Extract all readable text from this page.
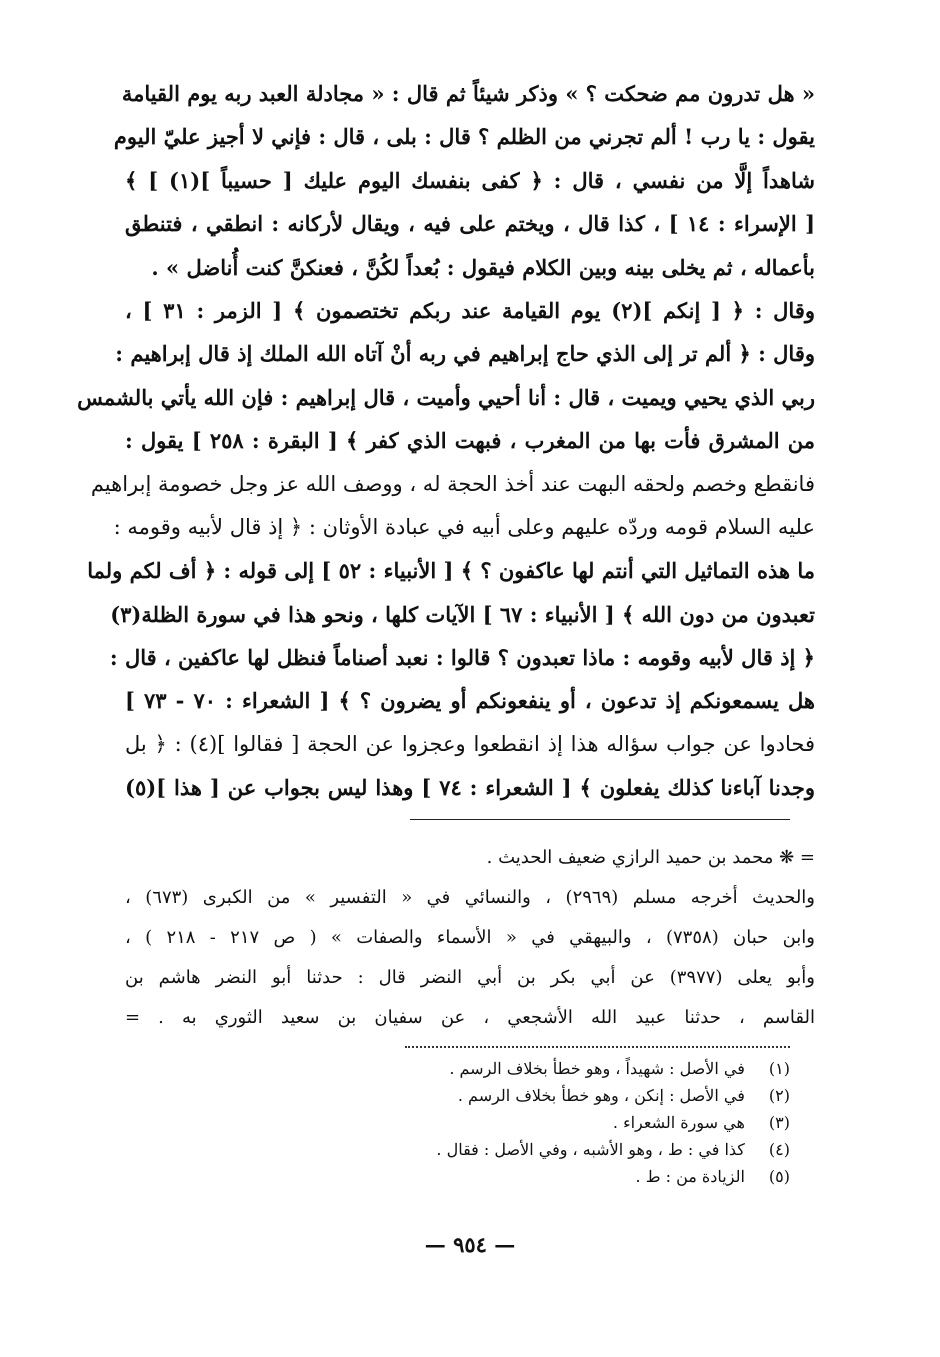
« هل تدرون مم ضحكت ؟ » وذكر شيئاً ثم قال : « مجادلة العبد ربه يوم القيامة
يقول : يا رب ! ألم تجرني من الظلم ؟ قال : بلى ، قال : فإني لا أجيز عليّ اليوم
شاهداً إلَّا من نفسي ، قال : ﴿ كفى بنفسك اليوم عليك [ حسيباً ](١) ] ﴾
[ الإسراء : ١٤ ] ، كذا قال ، ويختم على فيه ، ويقال لأركانه : انطقي ، فتنطق
بأعماله ، ثم يخلى بينه وبين الكلام فيقول : بُعداً لكُنَّ ، فعنكنَّ كنت أُناضل » .
وقال : ﴿ [ إنكم ](٢) يوم القيامة عند ربكم تختصمون ﴾ [ الزمر : ٣١ ] ،
وقال : ﴿ ألم تر إلى الذي حاج إبراهيم في ربه أنْ آتاه الله الملك إذ قال إبراهيم :
ربي الذي يحيي ويميت ، قال : أنا أحيي وأميت ، قال إبراهيم : فإن الله يأتي بالشمس
من المشرق فأت بها من المغرب ، فبهت الذي كفر ﴾ [ البقرة : ٢٥٨ ] يقول :
فانقطع وخصم ولحقه البهت عند أخذ الحجة له ، ووصف الله عز وجل خصومة إبراهيم
عليه السلام قومه وردّه عليهم وعلى أبيه في عبادة الأوثان : ﴿ إذ قال لأبيه وقومه :
ما هذه التماثيل التي أنتم لها عاكفون ؟ ﴾ [ الأنبياء : ٥٢ ] إلى قوله : ﴿ أف لكم ولما
تعبدون من دون الله ﴾ [ الأنبياء : ٦٧ ] الآيات كلها ، ونحو هذا في سورة الظلة(٣)
﴿ إذ قال لأبيه وقومه : ماذا تعبدون ؟ قالوا : نعبد أصناماً فنظل لها عاكفين ، قال :
هل يسمعونكم إذ تدعون ، أو ينفعونكم أو يضرون ؟ ﴾ [ الشعراء : ٧٠ - ٧٣ ]
فحادوا عن جواب سؤاله هذا إذ انقطعوا وعجزوا عن الحجة [ فقالوا ](٤) : ﴿ بل
وجدنا آباءنا كذلك يفعلون ﴾ [ الشعراء : ٧٤ ] وهذا ليس بجواب عن [ هذا ](٥)
= ❋ محمد بن حميد الرازي ضعيف الحديث .
والحديث أخرجه مسلم (٢٩٦٩) ، والنسائي في « التفسير » من الكبرى (٦٧٣) ،
وابن حبان (٧٣٥٨) ، والبيهقي في « الأسماء والصفات » ( ص ٢١٧ - ٢١٨ ) ،
وأبو يعلى (٣٩٧٧) عن أبي بكر بن أبي النضر قال : حدثنا أبو النضر هاشم بن
القاسم ، حدثنا عبيد الله الأشجعي ، عن سفيان بن سعيد الثوري به . =
(١) في الأصل : شهيداً ، وهو خطأ بخلاف الرسم .
(٢) في الأصل : إنكن ، وهو خطأ بخلاف الرسم .
(٣) هي سورة الشعراء .
(٤) كذا في : ط ، وهو الأشبه ، وفي الأصل : فقال .
(٥) الزيادة من : ط .
— ٩٥٤ —
